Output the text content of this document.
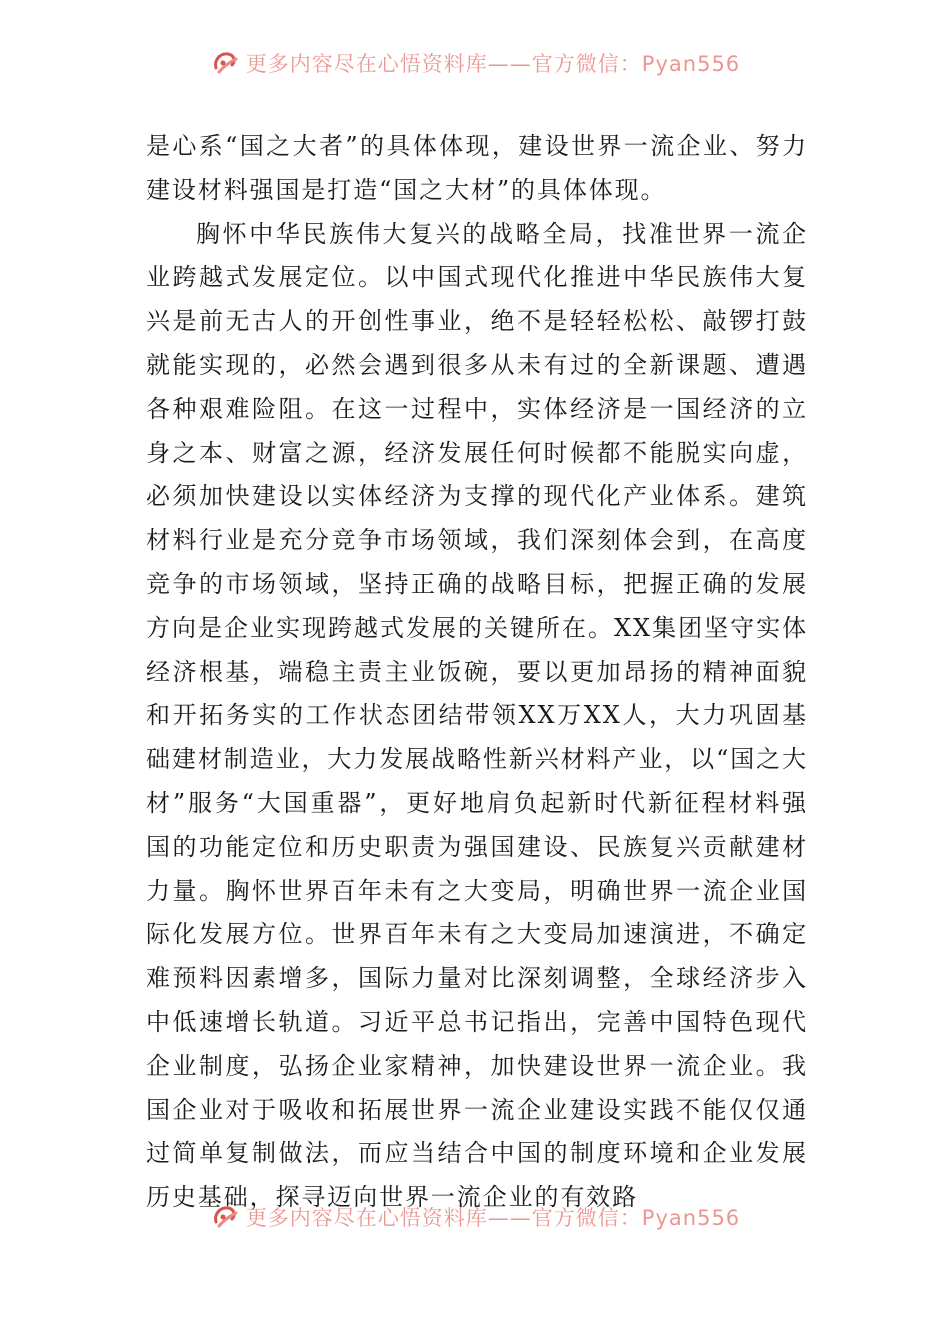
更多内容尽在心悟资料库——官方微信：Pyan556

是心系“国之大者”的具体体现，建设世界一流企业、努力建设材料强国是打造“国之大材”的具体体现。

胸怀中华民族伟大复兴的战略全局，找准世界一流企业跨越式发展定位。以中国式现代化推进中华民族伟大复兴是前无古人的开创性事业，绝不是轻轻松松、敲锣打鼓就能实现的，必然会遇到很多从未有过的全新课题、遭遇各种艰难险阻。在这一过程中，实体经济是一国经济的立身之本、财富之源，经济发展任何时候都不能脱实向虚，必须加快建设以实体经济为支撑的现代化产业体系。建筑材料行业是充分竞争市场领域，我们深刻体会到，在高度竞争的市场领域，坚持正确的战略目标，把握正确的发展方向是企业实现跨越式发展的关键所在。XX集团坚守实体经济根基，端稳主责主业饭碗，要以更加昂扬的精神面貌和开拓务实的工作状态团结带领XX万XX人，大力巩固基础建材制造业，大力发展战略性新兴材料产业，以“国之大材”服务“大国重器”，更好地肩负起新时代新征程材料强国的功能定位和历史职责为强国建设、民族复兴贡献建材力量。胸怀世界百年未有之大变局，明确世界一流企业国际化发展方位。世界百年未有之大变局加速演进，不确定难预料因素增多，国际力量对比深刻调整，全球经济步入中低速增长轨道。习近平总书记指出，完善中国特色现代企业制度，弘扬企业家精神，加快建设世界一流企业。我国企业对于吸收和拓展世界一流企业建设实践不能仅仅通过简单复制做法，而应当结合中国的制度环境和企业发展历史基础，探寻迈向世界一流企业的有效路

更多内容尽在心悟资料库——官方微信：Pyan556
